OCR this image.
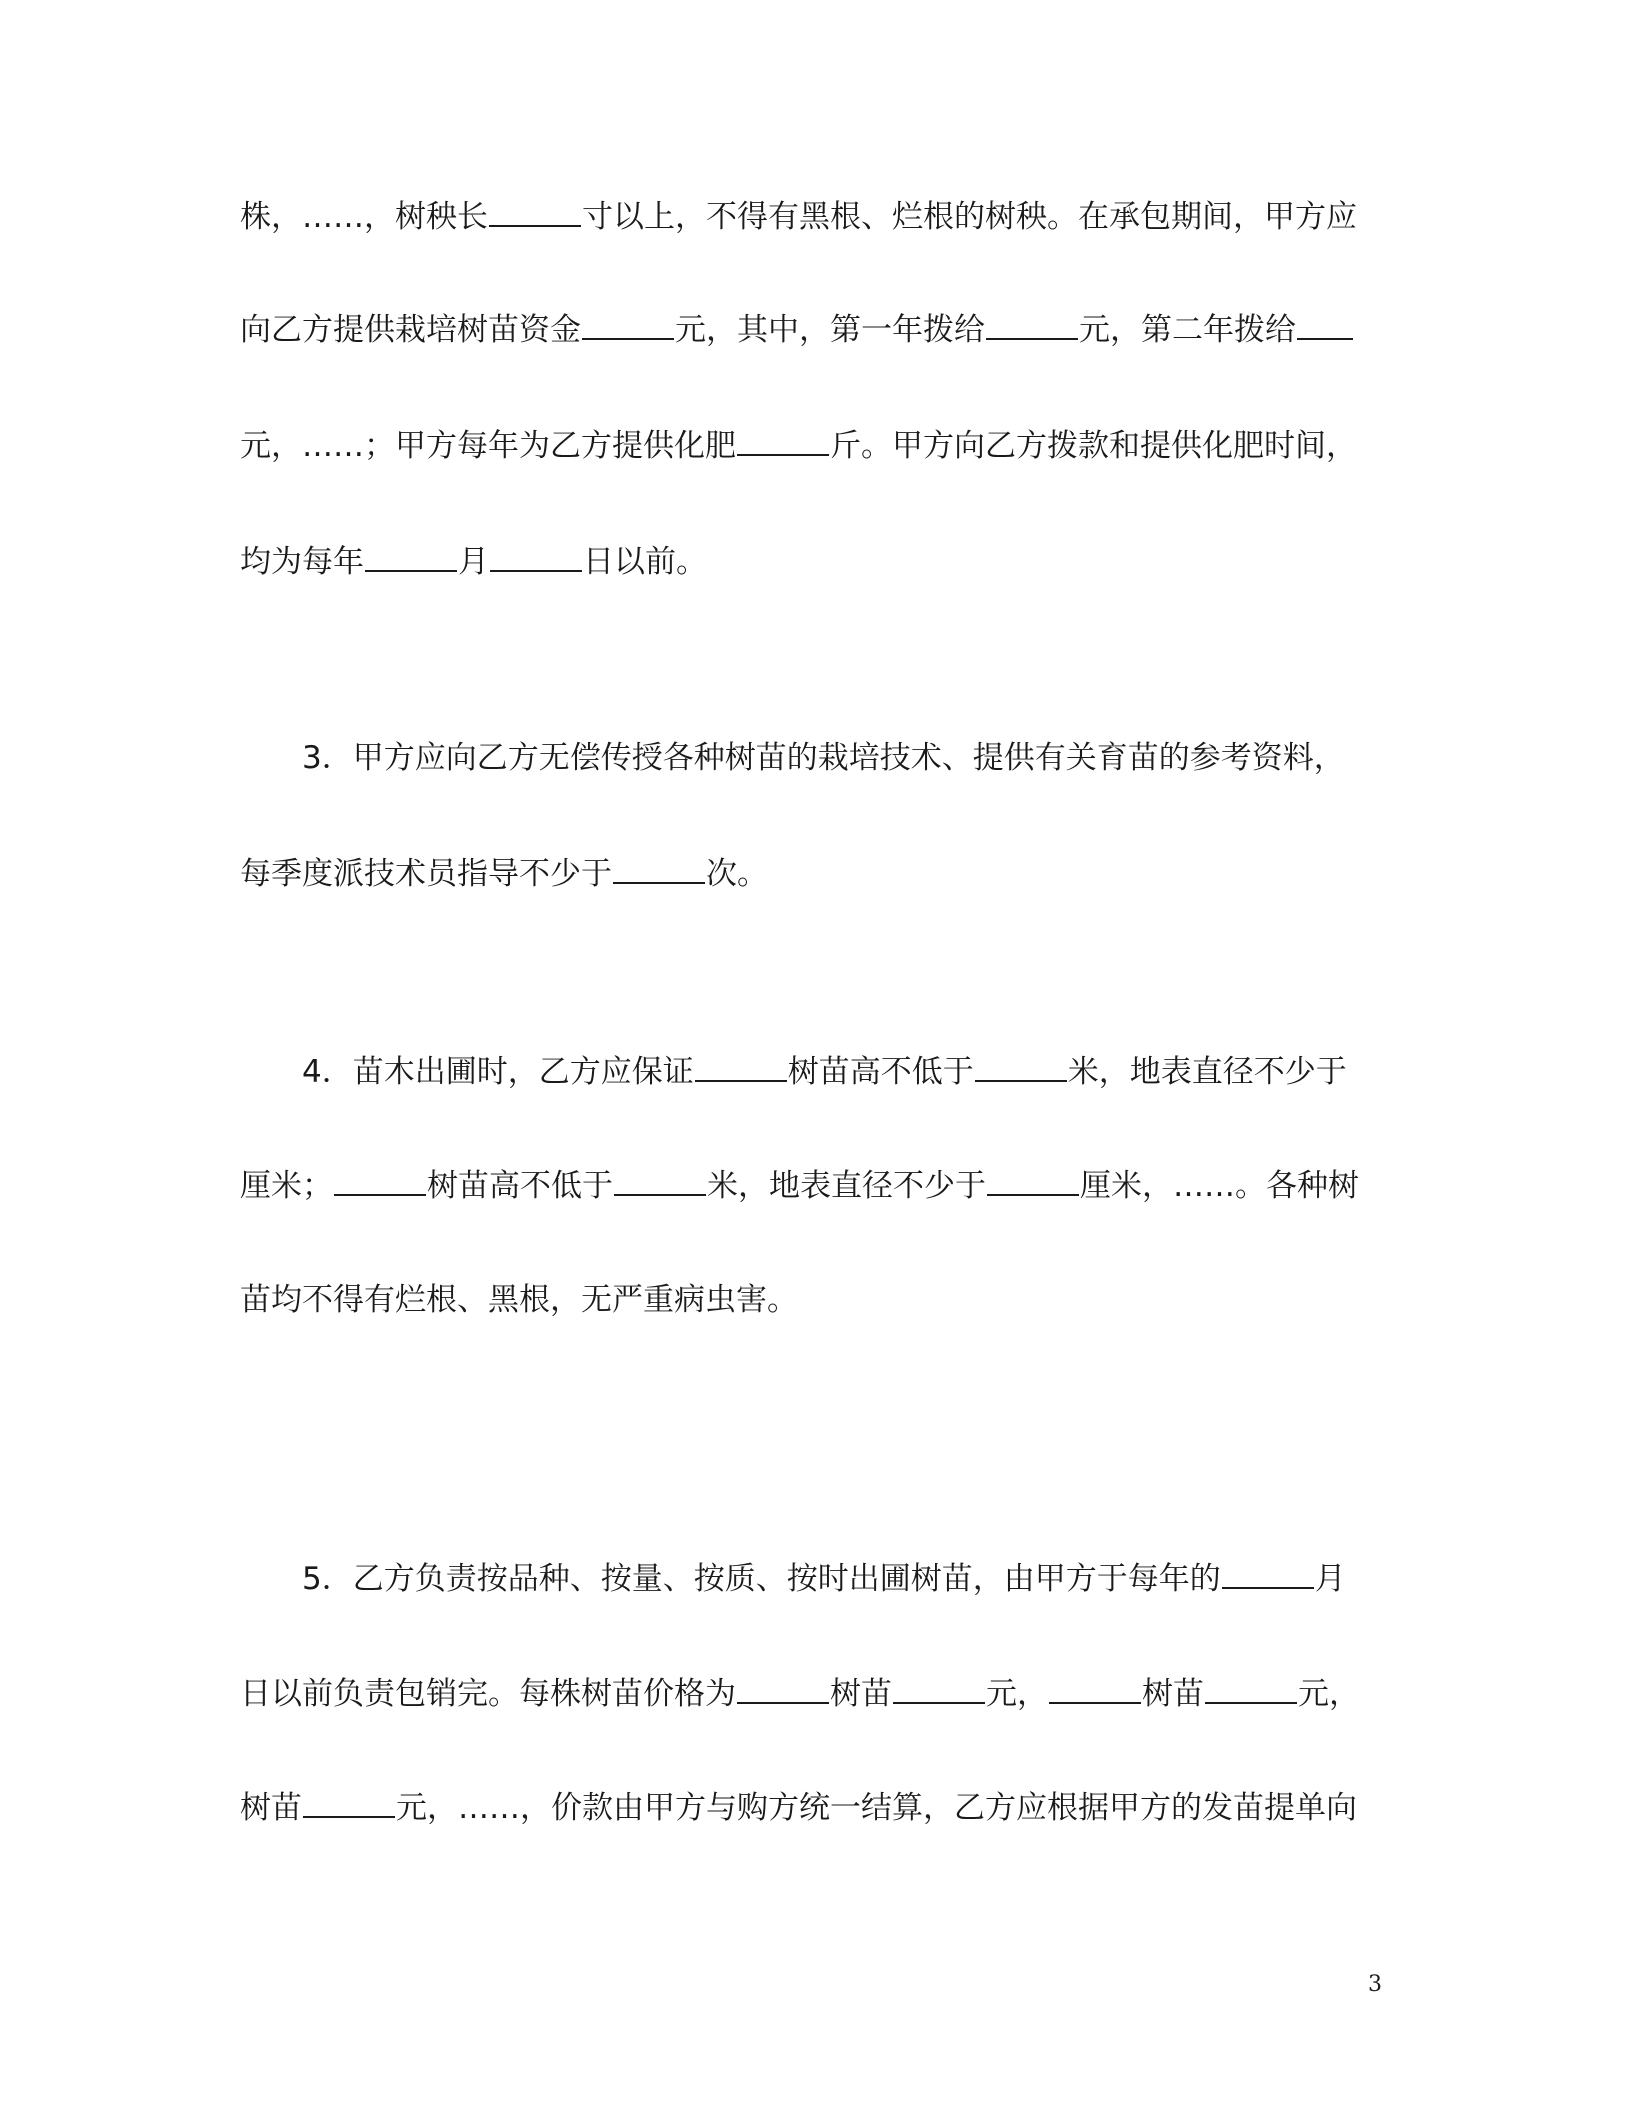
株，……，树秧长	寸以上，不得有黑根、烂根的树秧。在承包期间，甲方应
向乙方提供栽培树苗资金	元，其中，第一年拨给	元，第二年拨给
元，……；甲方每年为乙方提供化肥	斤。甲方向乙方拨款和提供化肥时间，
均为每年	月	日以前。
3．甲方应向乙方无偿传授各种树苗的栽培技术、提供有关育苗的参考资料，
每季度派技术员指导不少于	次。
4．苗木出圃时，乙方应保证	树苗高不低于	米，地表直径不少于
厘米；	树苗高不低于	米，地表直径不少于	厘米，……。各种树
苗均不得有烂根、黑根，无严重病虫害。
5．乙方负责按品种、按量、按质、按时出圃树苗，由甲方于每年的	月
日以前负责包销完。每株树苗价格为	树苗	元，	树苗	元，
树苗	元，……，价款由甲方与购方统一结算，乙方应根据甲方的发苗提单向
3
